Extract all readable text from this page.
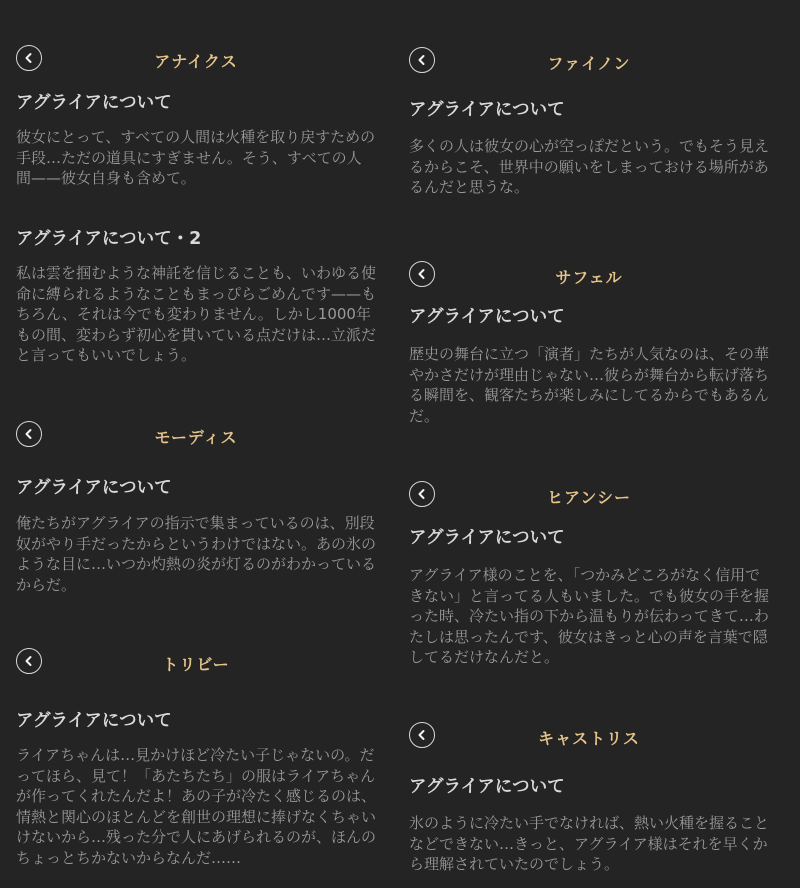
アナイクス
アグライアについて
彼女にとって、すべての人間は火種を取り戻すための手段…ただの道具にすぎません。そう、すべての人間——彼女自身も含めて。
アグライアについて・2
私は雲を掴むような神託を信じることも、いわゆる使命に縛られるようなこともまっぴらごめんです——もちろん、それは今でも変わりません。しかし1000年もの間、変わらず初心を貫いている点だけは…立派だと言ってもいいでしょう。
モーディス
アグライアについて
俺たちがアグライアの指示で集まっているのは、別段奴がやり手だったからというわけではない。あの氷のような目に…いつか灼熱の炎が灯るのがわかっているからだ。
トリビー
アグライアについて
ライアちゃんは…見かけほど冷たい子じゃないの。だってほら、見て！「あたちたち」の服はライアちゃんが作ってくれたんだよ！あの子が冷たく感じるのは、情熱と関心のほとんどを創世の理想に捧げなくちゃいけないから…残った分で人にあげられるのが、ほんのちょっとちかないからなんだ……
ファイノン
アグライアについて
多くの人は彼女の心が空っぽだという。でもそう見えるからこそ、世界中の願いをしまっておける場所があるんだと思うな。
サフェル
アグライアについて
歴史の舞台に立つ「演者」たちが人気なのは、その華やかさだけが理由じゃない…彼らが舞台から転げ落ちる瞬間を、観客たちが楽しみにしてるからでもあるんだ。
ヒアンシー
アグライアについて
アグライア様のことを、「つかみどころがなく信用できない」と言ってる人もいました。でも彼女の手を握った時、冷たい指の下から温もりが伝わってきて…わたしは思ったんです、彼女はきっと心の声を言葉で隠してるだけなんだと。
キャストリス
アグライアについて
氷のように冷たい手でなければ、熱い火種を握ることなどできない…きっと、アグライア様はそれを早くから理解されていたのでしょう。
